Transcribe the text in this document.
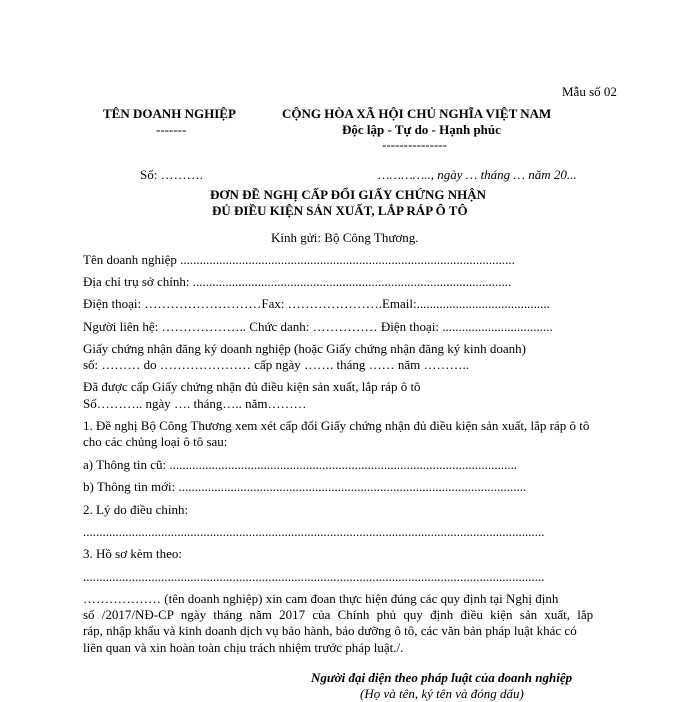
Mẫu số 02
TÊN DOANH NGHIỆP
-------
CỘNG HÒA XÃ HỘI CHỦ NGHĨA VIỆT NAM
Độc lập - Tự do - Hạnh phúc
---------------
Số: ……….	………….., ngày … tháng … năm 20...
ĐƠN ĐỀ NGHỊ CẤP ĐỔI GIẤY CHỨNG NHẬN
ĐỦ ĐIỀU KIỆN SẢN XUẤT, LẮP RÁP Ô TÔ
Kính gửi: Bộ Công Thương.
Tên doanh nghiệp .......................................................................................................
Địa chỉ trụ sở chính: ..................................................................................................
Điện thoại: ………………………Fax: ………………….Email:.........................................
Người liên hệ: ……………….. Chức danh: …………… Điện thoại: ..................................
Giấy chứng nhận đăng ký doanh nghiệp (hoặc Giấy chứng nhận đăng ký kinh doanh)
số: ……… do ………………… cấp ngày ……. tháng …… năm ………..
Đã được cấp Giấy chứng nhận đủ điều kiện sản xuất, lắp ráp ô tô
Số……….. ngày …. tháng….. năm………
1. Đề nghị Bộ Công Thương xem xét cấp đổi Giấy chứng nhận đủ điều kiện sản xuất, lắp ráp ô tô
cho các chủng loại ô tô sau:
a) Thông tin cũ: ...........................................................................................................
b) Thông tin mới: ...........................................................................................................
2. Lý do điều chỉnh:
..............................................................................................................................................
3. Hồ sơ kèm theo:
..............................................................................................................................................
……………… (tên doanh nghiệp) xin cam đoan thực hiện đúng các quy định tại Nghị định
số /2017/NĐ-CP ngày tháng năm 2017 của Chính phủ quy định điều kiện sản xuất, lắp
ráp, nhập khẩu và kinh doanh dịch vụ bảo hành, bảo dưỡng ô tô, các văn bản pháp luật khác có
liên quan và xin hoàn toàn chịu trách nhiệm trước pháp luật./.
Người đại diện theo pháp luật của doanh nghiệp
(Họ và tên, ký tên và đóng dấu)
